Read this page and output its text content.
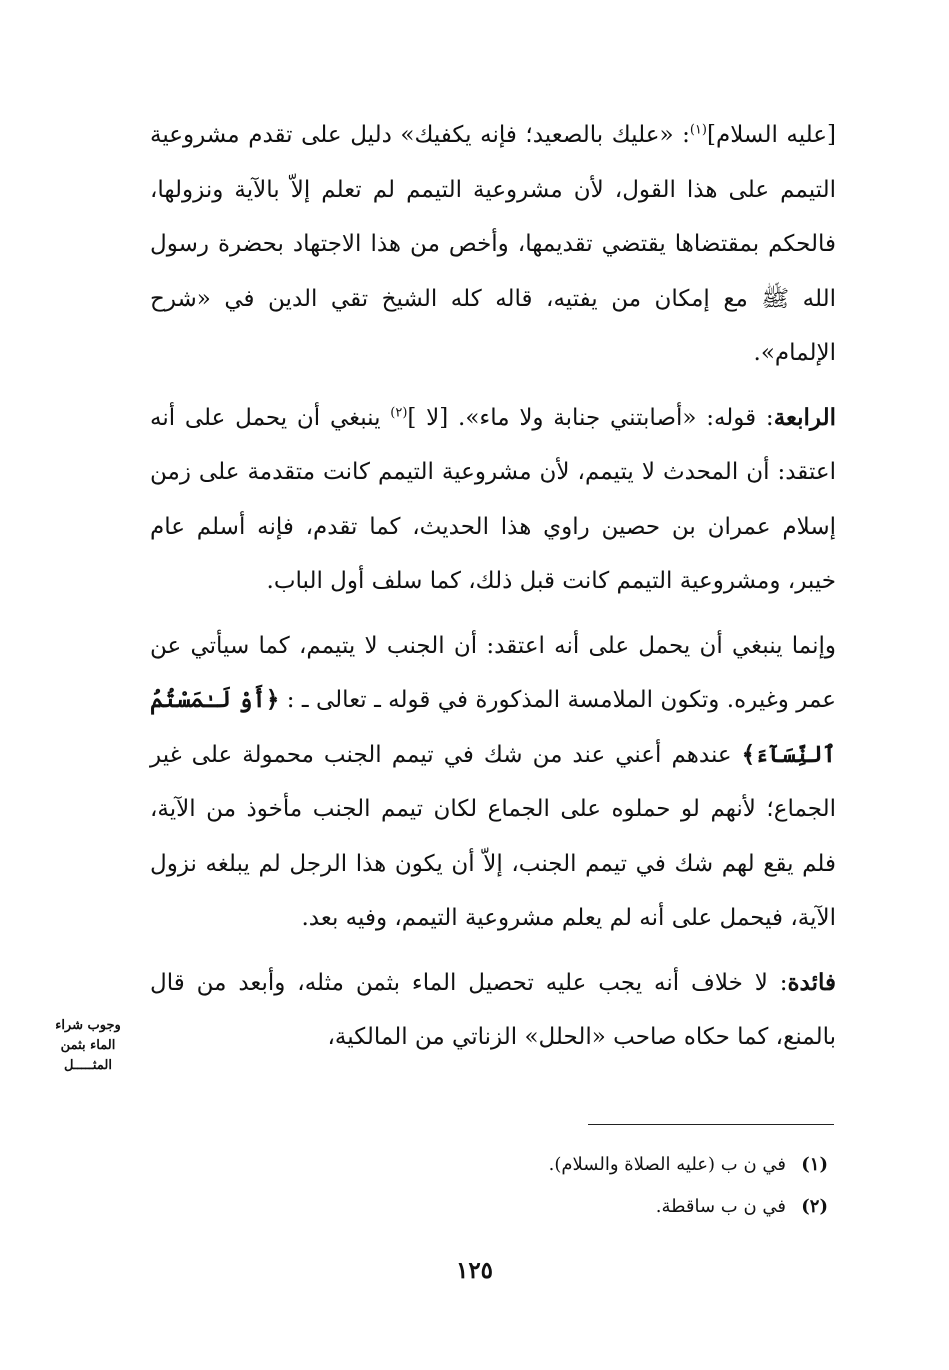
[عليه السلام]$^{(١)}$: «عليك بالصعيد؛ فإنه يكفيك» دليل على تقدم مشروعية التيمم على هذا القول، لأن مشروعية التيمم لم تعلم إلاّ بالآية ونزولها، فالحكم بمقتضاها يقتضي تقديمها، وأخص من هذا الاجتهاد بحضرة رسول الله ﷺ مع إمكان من يفتيه، قاله كله الشيخ تقي الدين في «شرح الإلمام».

الرابعة: قوله: «أصابتني جنابة ولا ماء». [لا ]$^{(٢)}$ ينبغي أن يحمل على أنه اعتقد: أن المحدث لا يتيمم، لأن مشروعية التيمم كانت متقدمة على زمن إسلام عمران بن حصين راوي هذا الحديث، كما تقدم، فإنه أسلم عام خيبر، ومشروعية التيمم كانت قبل ذلك، كما سلف أول الباب.

وإنما ينبغي أن يحمل على أنه اعتقد: أن الجنب لا يتيمم، كما سيأتي عن عمر وغيره. وتكون الملامسة المذكورة في قوله ـ تعالى ـ : ﴿أَوْ لَـٰمَسْتُمُ ٱلنِّسَآءَ﴾ عندهم أعني عند من شك في تيمم الجنب محمولة على غير الجماع؛ لأنهم لو حملوه على الجماع لكان تيمم الجنب مأخوذ من الآية، فلم يقع لهم شك في تيمم الجنب، إلاّ أن يكون هذا الرجل لم يبلغه نزول الآية، فيحمل على أنه لم يعلم مشروعية التيمم، وفيه بعد.

فائدة: لا خلاف أنه يجب عليه تحصيل الماء بثمن مثله، وأبعد من قال بالمنع، كما حكاه صاحب «الحلل» الزناتي من المالكية،

وجوب شراء
الماء بثمن
المثـــــل
(١)في ن ب (عليه الصلاة والسلام).
(٢)في ن ب ساقطة.
١٢٥
